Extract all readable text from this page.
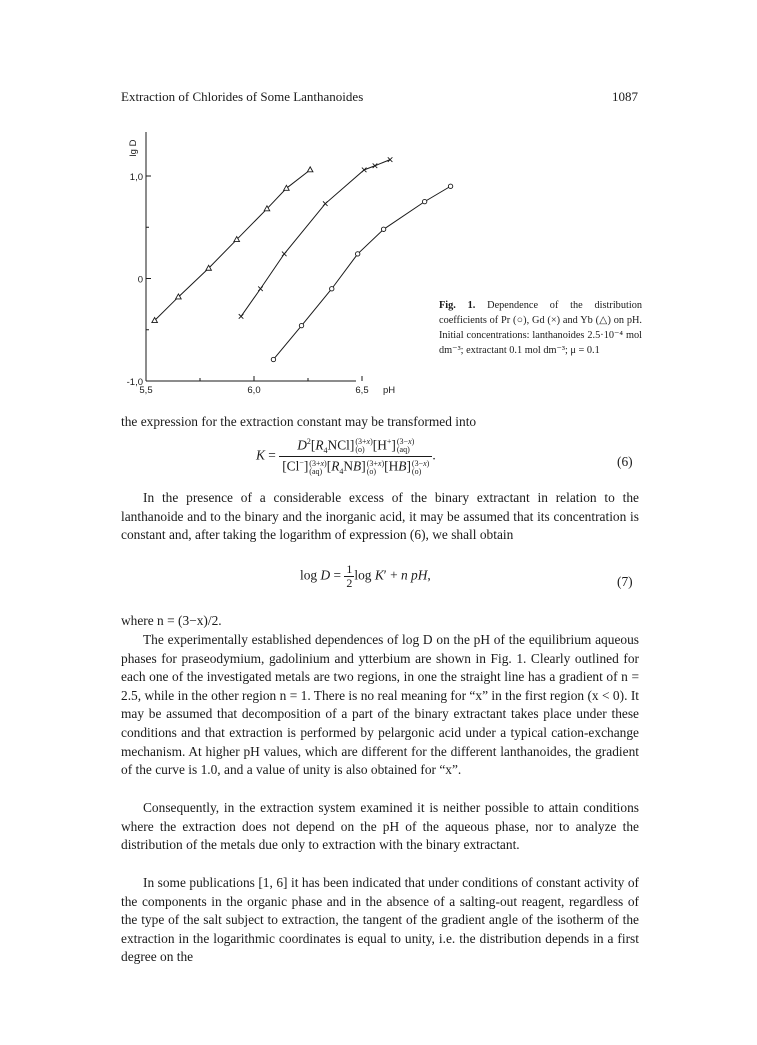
Extraction of Chlorides of Some Lanthanoides	1087
-1,0
0
1,0
5,5	6,0	6,5 pH
lg D
Fig. 1. Dependence of the distribution coefficients of Pr (○), Gd (×) and Yb (△) on pH. Initial concentrations: lanthanoides 2.5·10⁻⁴ mol dm⁻³; extractant 0.1 mol dm⁻³; μ = 0.1
the expression for the extraction constant may be transformed into
$K = D^2[R_4NCl]$ (3+x)
(o) [H+] (3−x)
(aq)
[Cl−] (3+x)
(aq) $[R_4NB]$ (3+x)
(o) [HB] (3−x)
(o) .	(6)
In the presence of a considerable excess of the binary extractant in relation to the lanthanoide and to the binary and the inorganic acid, it may be assumed that its concentration is constant and, after taking the logarithm of expression (6), we shall obtain
$\log D = \frac{1}{2}$ log K′ + n pH,	(7)
where n = (3−x)/2.
The experimentally established dependences of log D on the pH of the equilibrium aqueous phases for praseodymium, gadolinium and ytterbium are shown in Fig. 1. Clearly outlined for each one of the investigated metals are two regions, in one the straight line has a gradient of n = 2.5, while in the other region n = 1. There is no real meaning for “x” in the first region (x < 0). It may be assumed that decomposition of a part of the binary extractant takes place under these conditions and that extraction is performed by pelargonic acid under a typical cation-exchange mechanism. At higher pH values, which are different for the different lanthanoides, the gradient of the curve is 1.0, and a value of unity is also obtained for “x”.
Consequently, in the extraction system examined it is neither possible to attain conditions where the extraction does not depend on the pH of the aqueous phase, nor to analyze the distribution of the metals due only to extraction with the binary extractant.
In some publications [1, 6] it has been indicated that under conditions of constant activity of the components in the organic phase and in the absence of a salting-out reagent, regardless of the type of the salt subject to extraction, the tangent of the gradient angle of the isotherm of the extraction in the logarithmic coordinates is equal to unity, i.e. the distribution depends in a first degree on the
